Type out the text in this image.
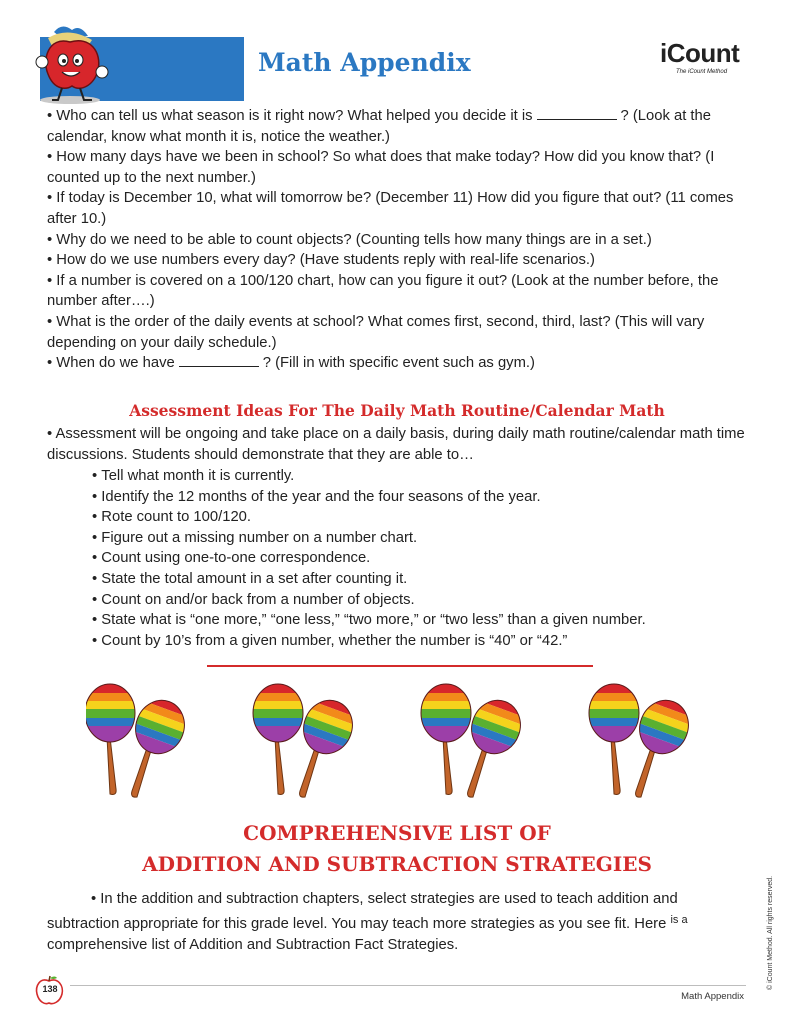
Math Appendix	iCount
The iCount Method

• Who can tell us what season is it right now? What helped you decide it is	? (Look at the calendar, know what month it is, notice the weather.)

• How many days have we been in school? So what does that make today? How did you know that? (I counted up to the next number.)

• If today is December 10, what will tomorrow be? (December 11) How did you figure that out? (11 comes after 10.)

• Why do we need to be able to count objects? (Counting tells how many things are in a set.)

• How do we use numbers every day? (Have students reply with real-life scenarios.)

• If a number is covered on a 100/120 chart, how can you figure it out? (Look at the number before, the number after….)

• What is the order of the daily events at school? What comes first, second, third, last? (This will vary depending on your daily schedule.)

• When do we have	? (Fill in with specific event such as gym.)

Assessment Ideas For The Daily Math Routine/Calendar Math

• Assessment will be ongoing and take place on a daily basis, during daily math routine/calendar math time discussions. Students should demonstrate that they are able to…

• Tell what month it is currently.
• Identify the 12 months of the year and the four seasons of the year.
• Rote count to 100/120.
• Figure out a missing number on a number chart.
• Count using one-to-one correspondence.
• State the total amount in a set after counting it.
• Count on and/or back from a number of objects.
• State what is “one more,” “one less,” “two more,” or “two less” than a given number.
• Count by 10’s from a given number, whether the number is “40” or “42.”
COMPREHENSIVE LIST OF
ADDITION AND SUBTRACTION STRATEGIES

• In the addition and subtraction chapters, select strategies are used to teach addition and subtraction appropriate for this grade level. You may teach more strategies as you see fit. Here $^{is a}$ comprehensive list of Addition and Subtraction Fact Strategies.

138
Math Appendix
© iCount Method. All rights reserved.
